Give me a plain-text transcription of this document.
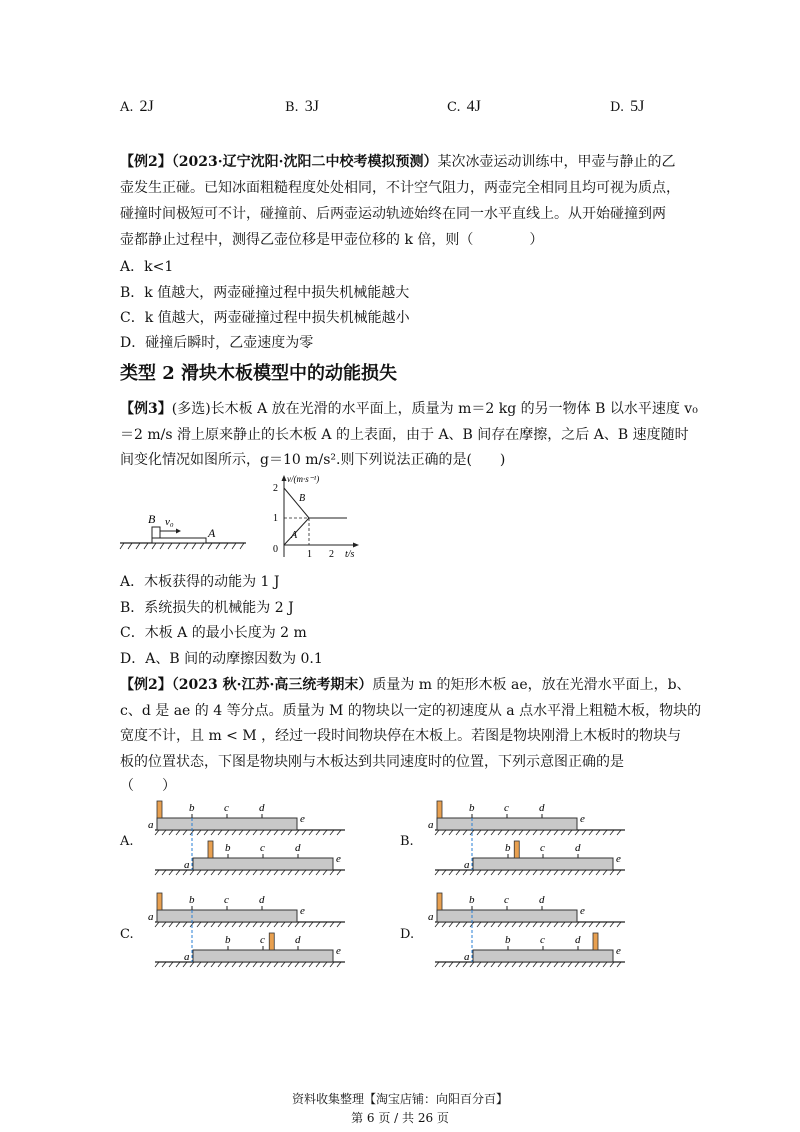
A. 2J	B. 3J	C. 4J	D. 5J
【例2】（2023·辽宁沈阳·沈阳二中校考模拟预测）某次冰壶运动训练中，甲壶与静止的乙
壶发生正碰。已知冰面粗糙程度处处相同，不计空气阻力，两壶完全相同且均可视为质点，
碰撞时间极短可不计，碰撞前、后两壶运动轨迹始终在同一水平直线上。从开始碰撞到两
壶都静止过程中，测得乙壶位移是甲壶位移的 k 倍，则（　　　　）
A．k<1
B．k 值越大，两壶碰撞过程中损失机械能越大
C．k 值越大，两壶碰撞过程中损失机械能越小
D．碰撞后瞬时，乙壶速度为零
类型 2 滑块木板模型中的动能损失
【例3】(多选)长木板 A 放在光滑的水平面上，质量为 m＝2 kg 的另一物体 B 以水平速度 v₀
＝2 m/s 滑上原来静止的长木板 A 的上表面，由于 A、B 间存在摩擦，之后 A、B 速度随时
间变化情况如图所示，g＝10 m/s².则下列说法正确的是(　　)
B v₀
A
v/(m·s⁻¹)
t/s
2
1
0	1 2
B
A
A．木板获得的动能为 1 J
B．系统损失的机械能为 2 J
C．木板 A 的最小长度为 2 m
D．A、B 间的动摩擦因数为 0.1
【例2】（2023 秋·江苏·高三统考期末）质量为 m 的矩形木板 ae，放在光滑水平面上，b、
c、d 是 ae 的 4 等分点。质量为 M 的物块以一定的初速度从 a 点水平滑上粗糙木板，物块的
宽度不计，且 m < M ，经过一段时间物块停在木板上。若图是物块刚滑上木板时的物块与
板的位置状态，下图是物块刚与木板达到共同速度时的位置，下列示意图正确的是
（　　）
A.	B.
C.	D.
a
b	c	d
e
a
b	c	d
e
a
b	c	d
e
a
b	c	d
e
a
b	c	d
e
a
b	c	d
e
a
b	c	d
e
a
b	c	d
e
资料收集整理【淘宝店铺：向阳百分百】
第 6 页 / 共 26 页
